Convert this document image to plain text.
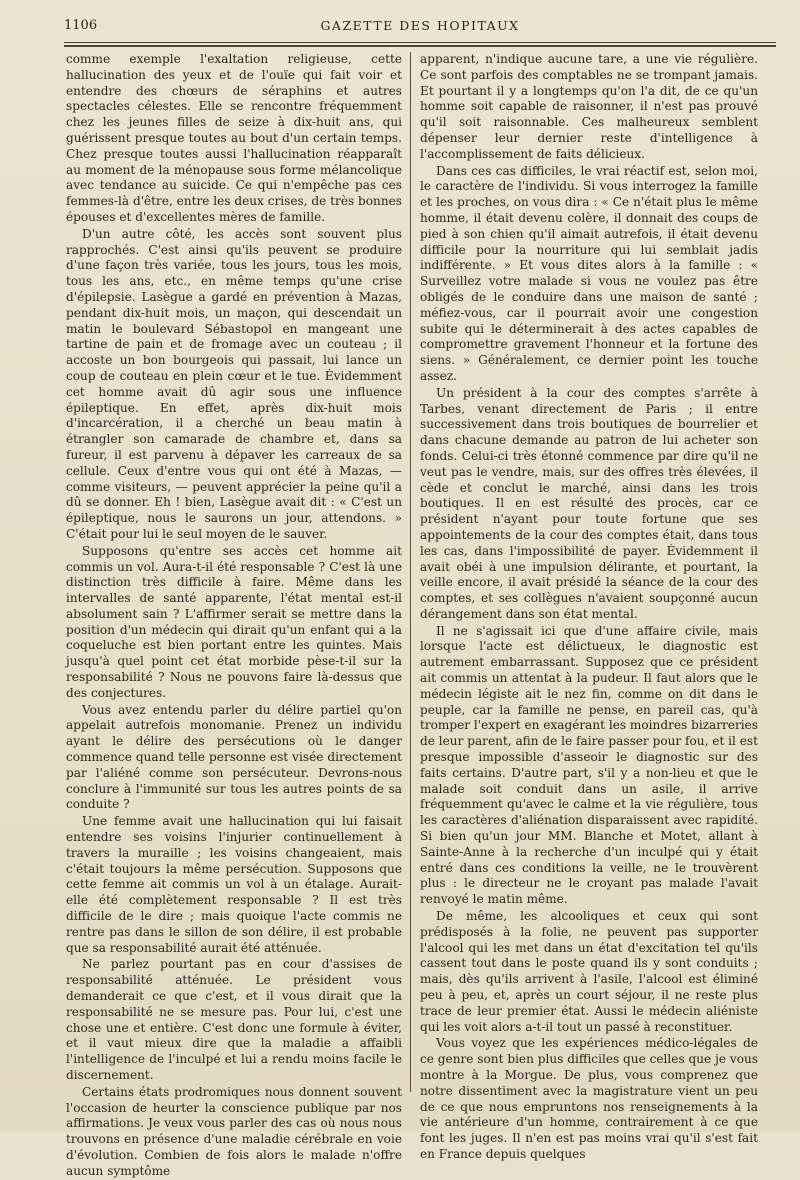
1106	GAZETTE DES HOPITAUX

comme exemple l'exaltation religieuse, cette hallucination des yeux et de l'ouïe qui fait voir et entendre des chœurs de séraphins et autres spectacles célestes. Elle se rencontre fréquemment chez les jeunes filles de seize à dix-huit ans, qui guérissent presque toutes au bout d'un certain temps. Chez presque toutes aussi l'hallucination réapparaît au moment de la ménopause sous forme mélancolique avec tendance au suicide. Ce qui n'empêche pas ces femmes-là d'être, entre les deux crises, de très bonnes épouses et d'excellentes mères de famille.

D'un autre côté, les accès sont souvent plus rapprochés. C'est ainsi qu'ils peuvent se produire d'une façon très variée, tous les jours, tous les mois, tous les ans, etc., en même temps qu'une crise d'épilepsie. Lasègue a gardé en prévention à Mazas, pendant dix-huit mois, un maçon, qui descendait un matin le boulevard Sébastopol en mangeant une tartine de pain et de fromage avec un couteau ; il accoste un bon bourgeois qui passait, lui lance un coup de couteau en plein cœur et le tue. Évidemment cet homme avait dû agir sous une influence épileptique. En effet, après dix-huit mois d'incarcération, il a cherché un beau matin à étrangler son camarade de chambre et, dans sa fureur, il est parvenu à dépaver les carreaux de sa cellule. Ceux d'entre vous qui ont été à Mazas, — comme visiteurs, — peuvent apprécier la peine qu'il a dû se donner. Eh ! bien, Lasègue avait dit : « C'est un épileptique, nous le saurons un jour, attendons. » C'était pour lui le seul moyen de le sauver.

Supposons qu'entre ses accès cet homme ait commis un vol. Aura-t-il été responsable ? C'est là une distinction très difficile à faire. Même dans les intervalles de santé apparente, l'état mental est-il absolument sain ? L'affirmer serait se mettre dans la position d'un médecin qui dirait qu'un enfant qui a la coqueluche est bien portant entre les quintes. Mais jusqu'à quel point cet état morbide pèse-t-il sur la responsabilité ? Nous ne pouvons faire là-dessus que des conjectures.

Vous avez entendu parler du délire partiel qu'on appelait autrefois monomanie. Prenez un individu ayant le délire des persécutions où le danger commence quand telle personne est visée directement par l'aliéné comme son persécuteur. Devrons-nous conclure à l'immunité sur tous les autres points de sa conduite ?

Une femme avait une hallucination qui lui faisait entendre ses voisins l'injurier continuellement à travers la muraille ; les voisins changeaient, mais c'était toujours la même persécution. Supposons que cette femme ait commis un vol à un étalage. Aurait-elle été complètement responsable ? Il est très difficile de le dire ; mais quoique l'acte commis ne rentre pas dans le sillon de son délire, il est probable que sa responsabilité aurait été atténuée.

Ne parlez pourtant pas en cour d'assises de responsabilité atténuée. Le président vous demanderait ce que c'est, et il vous dirait que la responsabilité ne se mesure pas. Pour lui, c'est une chose une et entière. C'est donc une formule à éviter, et il vaut mieux dire que la maladie a affaibli l'intelligence de l'inculpé et lui a rendu moins facile le discernement.

Certains états prodromiques nous donnent souvent l'occasion de heurter la conscience publique par nos affirmations. Je veux vous parler des cas où nous nous trouvons en présence d'une maladie cérébrale en voie d'évolution. Combien de fois alors le malade n'offre aucun symptôme

apparent, n'indique aucune tare, a une vie régulière. Ce sont parfois des comptables ne se trompant jamais. Et pourtant il y a longtemps qu'on l'a dit, de ce qu'un homme soit capable de raisonner, il n'est pas prouvé qu'il soit raisonnable. Ces malheureux semblent dépenser leur dernier reste d'intelligence à l'accomplissement de faits délicieux.

Dans ces cas difficiles, le vrai réactif est, selon moi, le caractère de l'individu. Si vous interrogez la famille et les proches, on vous dira : « Ce n'était plus le même homme, il était devenu colère, il donnait des coups de pied à son chien qu'il aimait autrefois, il était devenu difficile pour la nourriture qui lui semblait jadis indifférente. » Et vous dites alors à la famille : « Surveillez votre malade si vous ne voulez pas être obligés de le conduire dans une maison de santé ; méfiez-vous, car il pourrait avoir une congestion subite qui le déterminerait à des actes capables de compromettre gravement l'honneur et la fortune des siens. » Généralement, ce dernier point les touche assez.

Un président à la cour des comptes s'arrête à Tarbes, venant directement de Paris ; il entre successivement dans trois boutiques de bourrelier et dans chacune demande au patron de lui acheter son fonds. Celui-ci très étonné commence par dire qu'il ne veut pas le vendre, mais, sur des offres très élevées, il cède et conclut le marché, ainsi dans les trois boutiques. Il en est résulté des procès, car ce président n'ayant pour toute fortune que ses appointements de la cour des comptes était, dans tous les cas, dans l'impossibilité de payer. Évidemment il avait obéi à une impulsion délirante, et pourtant, la veille encore, il avait présidé la séance de la cour des comptes, et ses collègues n'avaient soupçonné aucun dérangement dans son état mental.

Il ne s'agissait ici que d'une affaire civile, mais lorsque l'acte est délictueux, le diagnostic est autrement embarrassant. Supposez que ce président ait commis un attentat à la pudeur. Il faut alors que le médecin légiste ait le nez fin, comme on dit dans le peuple, car la famille ne pense, en pareil cas, qu'à tromper l'expert en exagérant les moindres bizarreries de leur parent, afin de le faire passer pour fou, et il est presque impossible d'asseoir le diagnostic sur des faits certains. D'autre part, s'il y a non-lieu et que le malade soit conduit dans un asile, il arrive fréquemment qu'avec le calme et la vie régulière, tous les caractères d'aliénation disparaissent avec rapidité. Si bien qu'un jour MM. Blanche et Motet, allant à Sainte-Anne à la recherche d'un inculpé qui y était entré dans ces conditions la veille, ne le trouvèrent plus : le directeur ne le croyant pas malade l'avait renvoyé le matin même.

De même, les alcooliques et ceux qui sont prédisposés à la folie, ne peuvent pas supporter l'alcool qui les met dans un état d'excitation tel qu'ils cassent tout dans le poste quand ils y sont conduits ; mais, dès qu'ils arrivent à l'asile, l'alcool est éliminé peu à peu, et, après un court séjour, il ne reste plus trace de leur premier état. Aussi le médecin aliéniste qui les voit alors a-t-il tout un passé à reconstituer.

Vous voyez que les expériences médico-légales de ce genre sont bien plus difficiles que celles que je vous montre à la Morgue. De plus, vous comprenez que notre dissentiment avec la magistrature vient un peu de ce que nous empruntons nos renseignements à la vie antérieure d'un homme, contrairement à ce que font les juges. Il n'en est pas moins vrai qu'il s'est fait en France depuis quelques
